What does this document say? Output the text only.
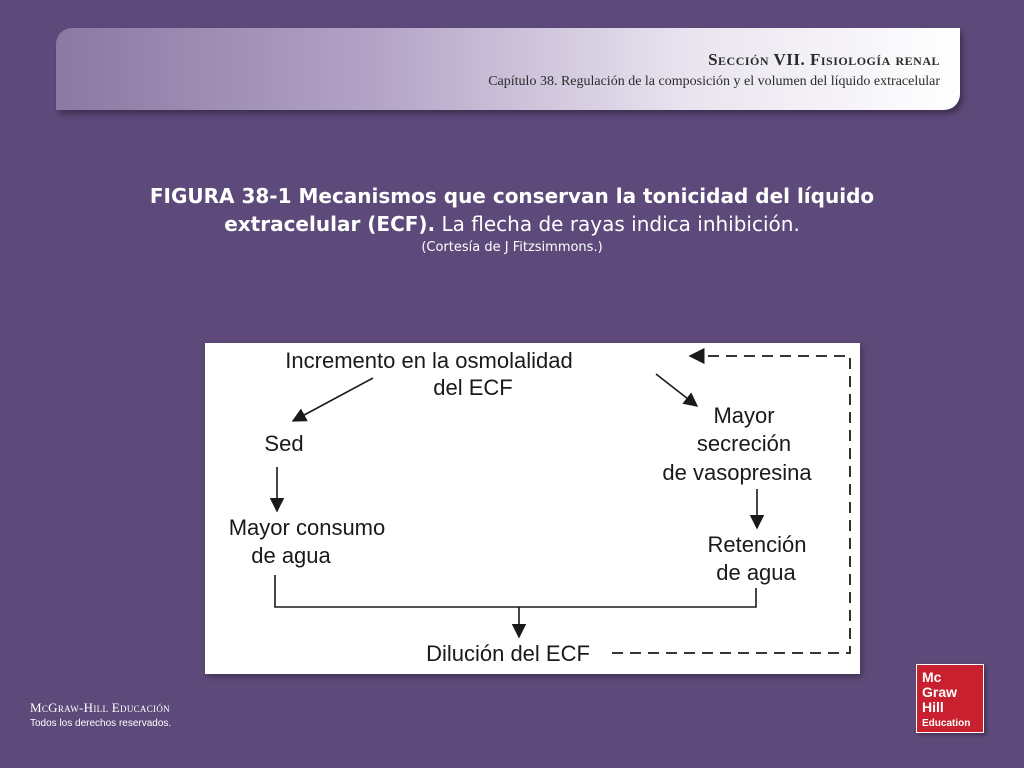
Sección VII. Fisiología renal

Capítulo 38. Regulación de la composición y el volumen del líquido extracelular

FIGURA 38-1 Mecanismos que conservan la tonicidad del líquido
extracelular (ECF). La flecha de rayas indica inhibición.
(Cortesía de J Fitzsimmons.)
Incremento en la osmolalidad
del ECF
Sed
Mayor consumo
de agua
Mayor
secreción
de vasopresina
Retención
de agua
Dilución del ECF
McGraw-Hill Educación
Todos los derechos reservados.
Mc
Graw
Hill
Education
